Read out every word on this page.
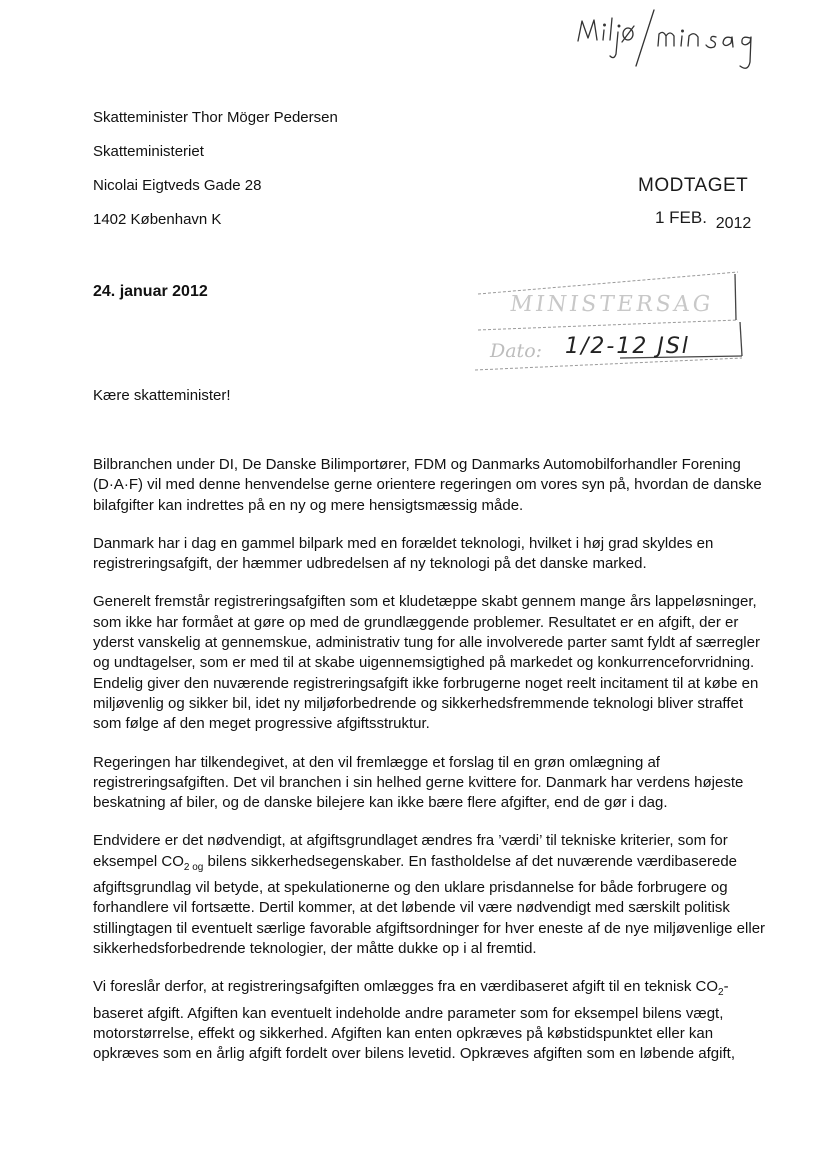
Skatteminister Thor Möger Pedersen
Skatteministeriet
Nicolai Eigtveds Gade 28
1402 København K
MODTAGET
1 FEB. 2012
24. januar 2012
MINISTERSAG
Dato: 1/2-12 JSl
Kære skatteminister!

Bilbranchen under DI, De Danske Bilimportører, FDM og Danmarks Automobilforhandler Forening (D·A·F) vil med denne henvendelse gerne orientere regeringen om vores syn på, hvordan de danske bilafgifter kan indrettes på en ny og mere hensigtsmæssig måde.

Danmark har i dag en gammel bilpark med en forældet teknologi, hvilket i høj grad skyldes en registreringsafgift, der hæmmer udbredelsen af ny teknologi på det danske marked.

Generelt fremstår registreringsafgiften som et kludetæppe skabt gennem mange års lappeløsninger, som ikke har formået at gøre op med de grundlæggende problemer. Resultatet er en afgift, der er yderst vanskelig at gennemskue, administrativ tung for alle involverede parter samt fyldt af særregler og undtagelser, som er med til at skabe uigennemsigtighed på markedet og konkurrenceforvridning. Endelig giver den nuværende registreringsafgift ikke forbrugerne noget reelt incitament til at købe en miljøvenlig og sikker bil, idet ny miljøforbedrende og sikkerhedsfremmende teknologi bliver straffet som følge af den meget progressive afgiftsstruktur.

Regeringen har tilkendegivet, at den vil fremlægge et forslag til en grøn omlægning af registreringsafgiften. Det vil branchen i sin helhed gerne kvittere for. Danmark har verdens højeste beskatning af biler, og de danske bilejere kan ikke bære flere afgifter, end de gør i dag.

Endvidere er det nødvendigt, at afgiftsgrundlaget ændres fra ’værdi’ til tekniske kriterier, som for eksempel $CO_{2 og}$ bilens sikkerhedsegenskaber. En fastholdelse af det nuværende værdibaserede afgiftsgrundlag vil betyde, at spekulationerne og den uklare prisdannelse for både forbrugere og forhandlere vil fortsætte. Dertil kommer, at det løbende vil være nødvendigt med særskilt politisk stillingtagen til eventuelt særlige favorable afgiftsordninger for hver eneste af de nye miljøvenlige eller sikkerhedsforbedrende teknologier, der måtte dukke op i al fremtid.

Vi foreslår derfor, at registreringsafgiften omlægges fra en værdibaseret afgift til en teknisk $CO_2$-baseret afgift. Afgiften kan eventuelt indeholde andre parameter som for eksempel bilens vægt, motorstørrelse, effekt og sikkerhed. Afgiften kan enten opkræves på købstidspunktet eller kan opkræves som en årlig afgift fordelt over bilens levetid. Opkræves afgiften som en løbende afgift,
